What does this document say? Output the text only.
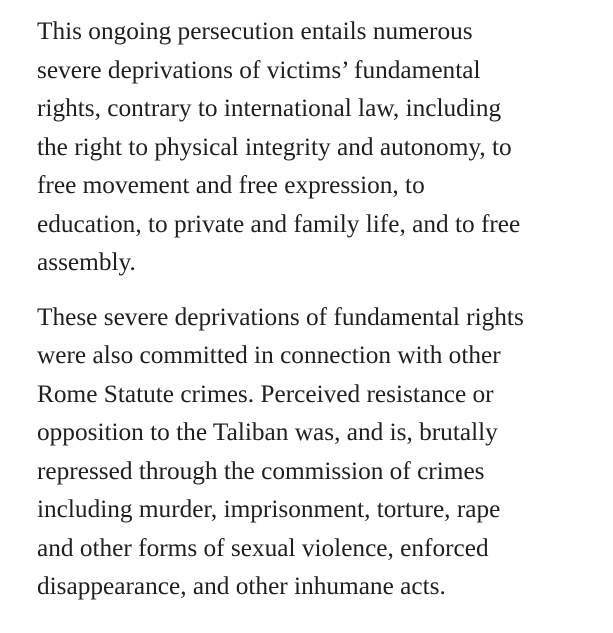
This ongoing persecution entails numerous
severe deprivations of victims’ fundamental
rights, contrary to international law, including
the right to physical integrity and autonomy, to
free movement and free expression, to
education, to private and family life, and to free
assembly.
These severe deprivations of fundamental rights
were also committed in connection with other
Rome Statute crimes. Perceived resistance or
opposition to the Taliban was, and is, brutally
repressed through the commission of crimes
including murder, imprisonment, torture, rape
and other forms of sexual violence, enforced
disappearance, and other inhumane acts.
